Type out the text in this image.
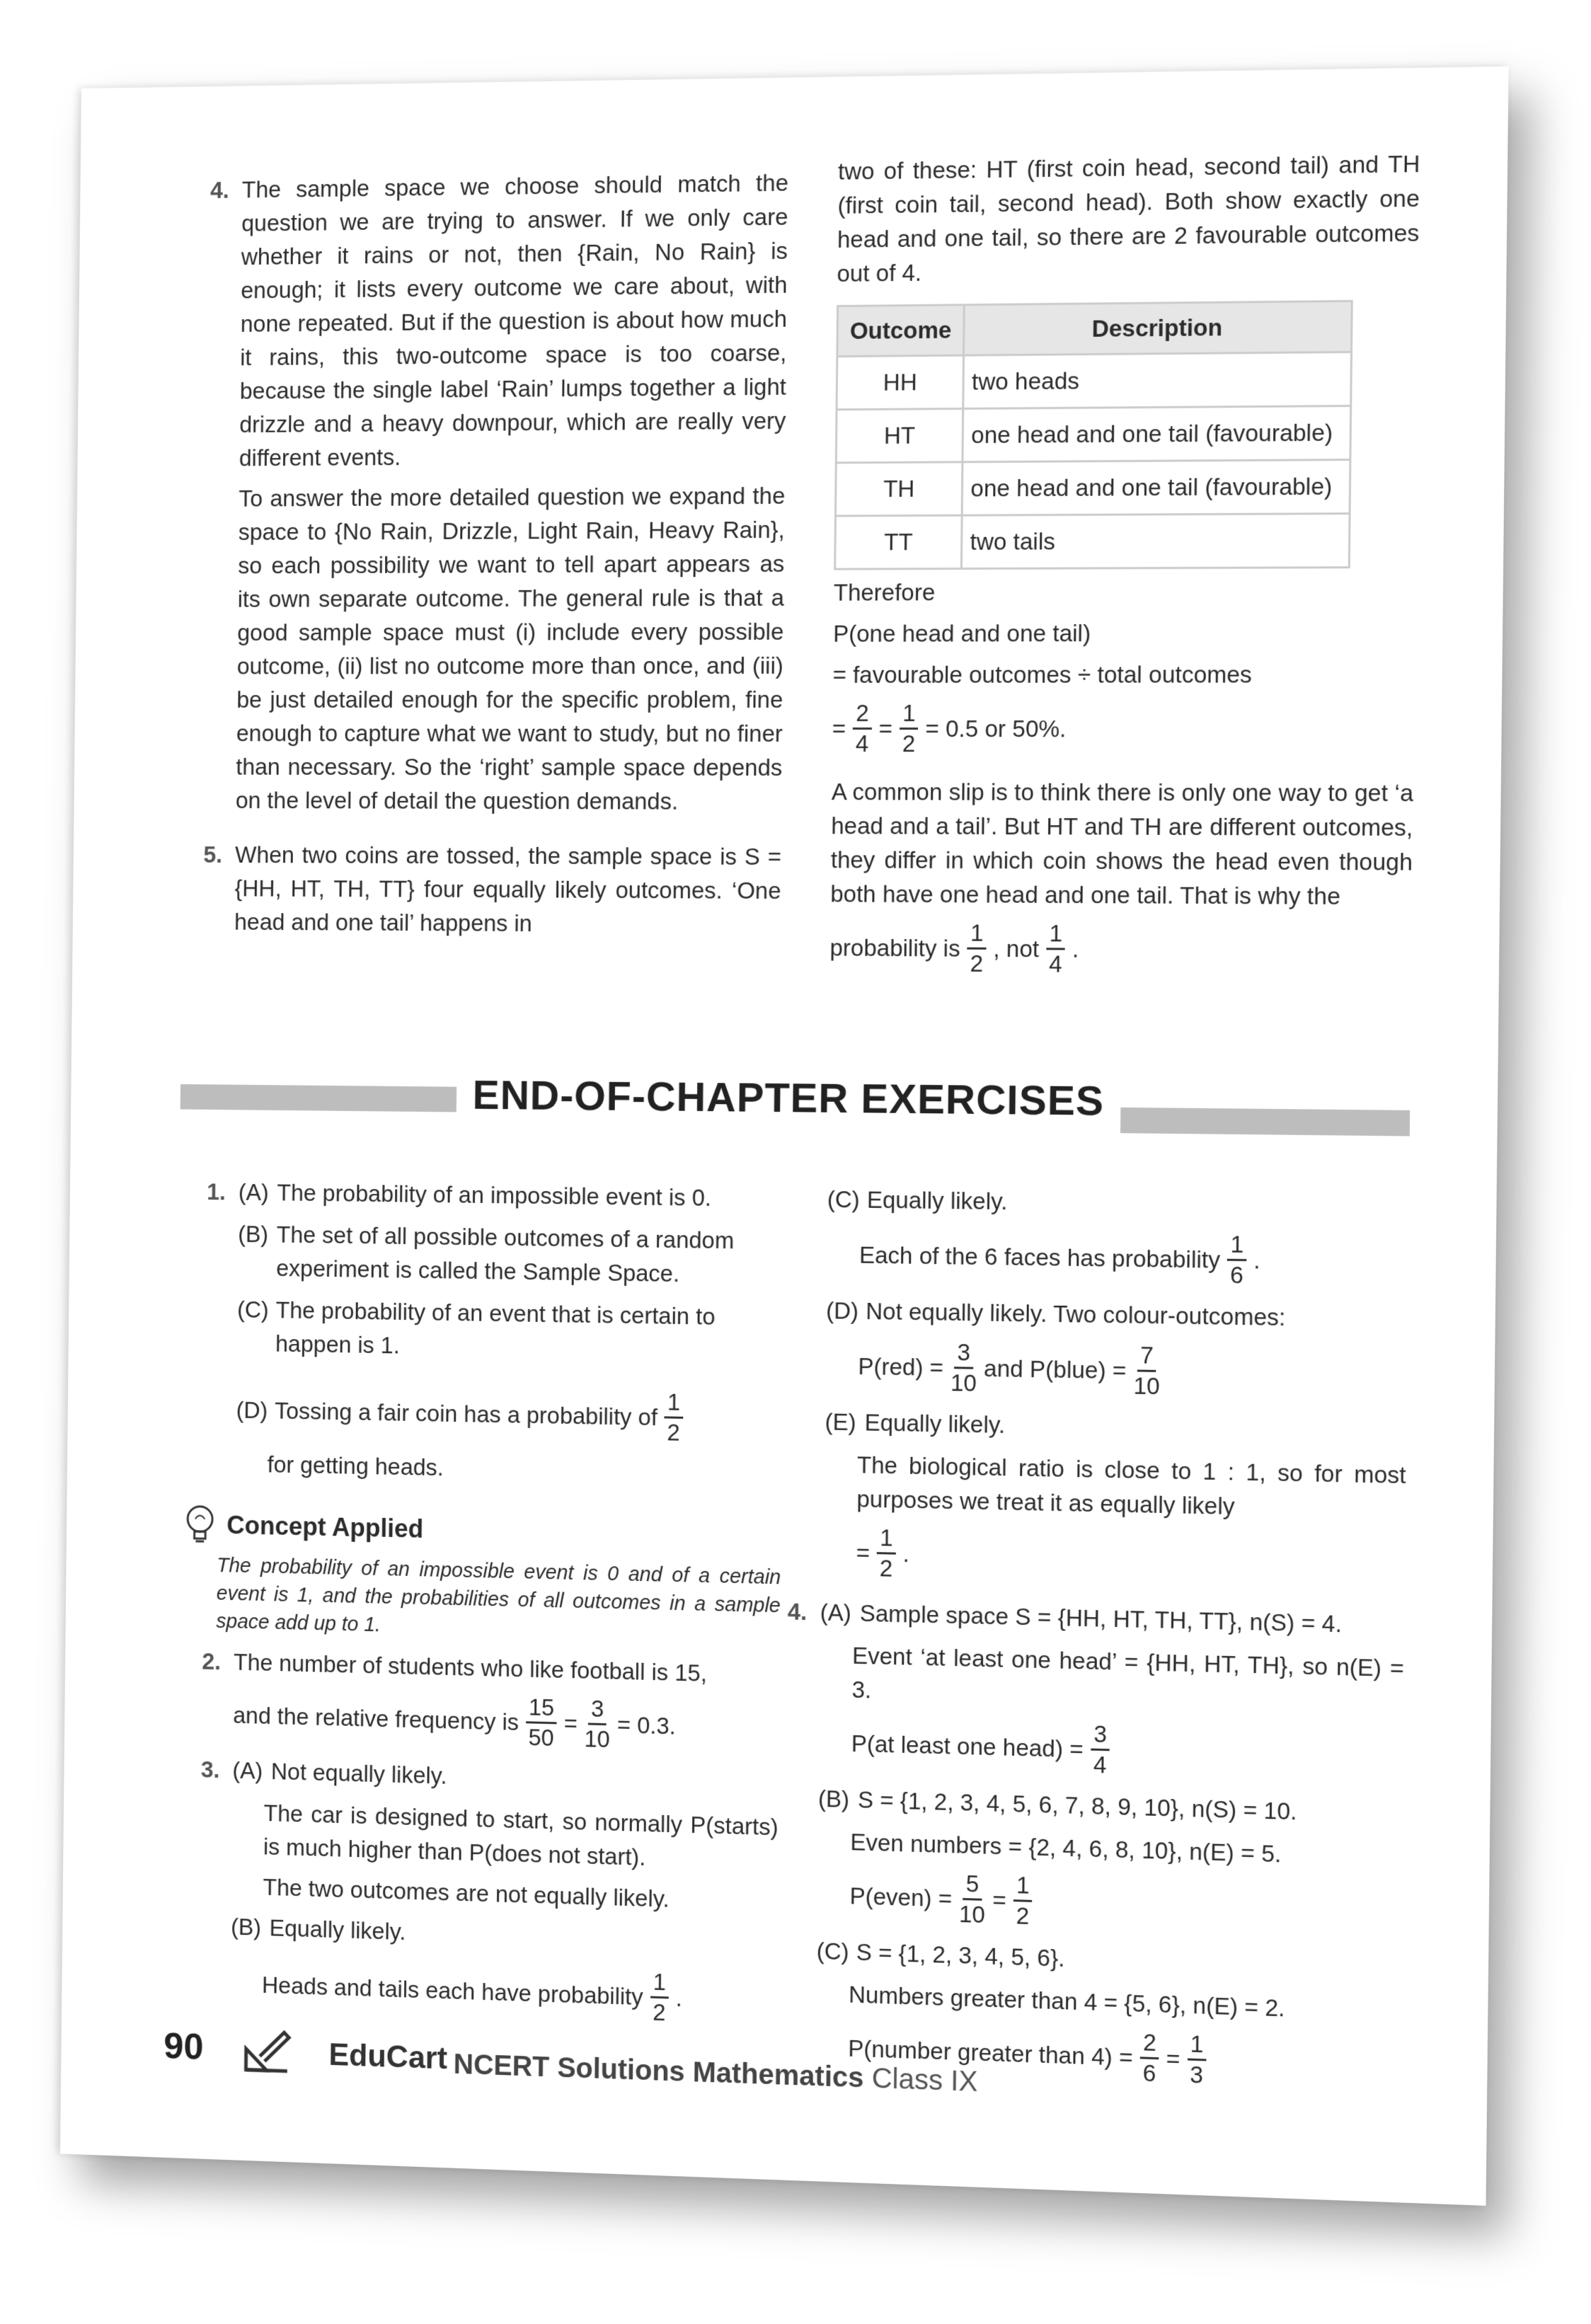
4. The sample space we choose should match the question we are trying to answer. If we only care whether it rains or not, then {Rain, No Rain} is enough; it lists every outcome we care about, with none repeated. But if the question is about how much it rains, this two-outcome space is too coarse, because the single label ‘Rain’ lumps together a light drizzle and a heavy downpour, which are really very different events.

To answer the more detailed question we expand the space to {No Rain, Drizzle, Light Rain, Heavy Rain}, so each possibility we want to tell apart appears as its own separate outcome. The general rule is that a good sample space must (i) include every possible outcome, (ii) list no outcome more than once, and (iii) be just detailed enough for the specific problem, fine enough to capture what we want to study, but no finer than necessary. So the ‘right’ sample space depends on the level of detail the question demands.

5. When two coins are tossed, the sample space is S = {HH, HT, TH, TT} four equally likely outcomes. ‘One head and one tail’ happens in

two of these: HT (first coin head, second tail) and TH (first coin tail, second head). Both show exactly one head and one tail, so there are 2 favourable outcomes out of 4.

Outcome	Description
HH	two heads
HT	one head and one tail (favourable)
TH	one head and one tail (favourable)
TT	two tails

Therefore

P(one head and one tail)

= favourable outcomes ÷ total outcomes

= $\frac{2}{4} = \frac{1}{2} = 0.5$ or 50%.

A common slip is to think there is only one way to get ‘a head and a tail’. But HT and TH are different outcomes, they differ in which coin shows the head even though both have one head and one tail. That is why the

probability is $\frac{1}{2}$ , not $\frac{1}{4}$ .
END-OF-CHAPTER EXERCISES
1. (A) The probability of an impossible event is 0.
(B) The set of all possible outcomes of a random experiment is called the Sample Space.
(C) The probability of an event that is certain to happen is 1.
(D) Tossing a fair coin has a probability of $\frac{1}{2}$

for getting heads.

Concept Applied

The probability of an impossible event is 0 and of a certain event is 1, and the probabilities of all outcomes in a sample space add up to 1.

2. The number of students who like football is 15,

and the relative frequency is $\frac{15}{50} = \frac{3}{10} = 0.3$.
3. (A) Not equally likely.

The car is designed to start, so normally P(starts) is much higher than P(does not start).

The two outcomes are not equally likely.

(B) Equally likely.
Heads and tails each have probability $\frac{1}{2}$ .
(C) Equally likely.
Each of the 6 faces has probability $\frac{1}{6}$ .
(D) Not equally likely. Two colour-outcomes:
$P(red) = \frac{3}{10}$ and P(blue) = $\frac{7}{10}$
(E) Equally likely.

The biological ratio is close to 1 : 1, so for most purposes we treat it as equally likely

= $\frac{1}{2}$ .
4. (A) Sample space S = {HH, HT, TH, TT}, n(S) = 4.

Event ‘at least one head’ = {HH, HT, TH}, so n(E) = 3.

P(at least one head) = $\frac{3}{4}$
(B) S = {1, 2, 3, 4, 5, 6, 7, 8, 9, 10}, n(S) = 10.

Even numbers = {2, 4, 6, 8, 10}, n(E) = 5.

P(even) = $\frac{5}{10} = \frac{1}{2}$
(C) S = {1, 2, 3, 4, 5, 6}.

Numbers greater than 4 = {5, 6}, n(E) = 2.

P(number greater than $4) = \frac{2}{6} = \frac{1}{3}$
90	EduCart NCERT Solutions Mathematics Class IX
